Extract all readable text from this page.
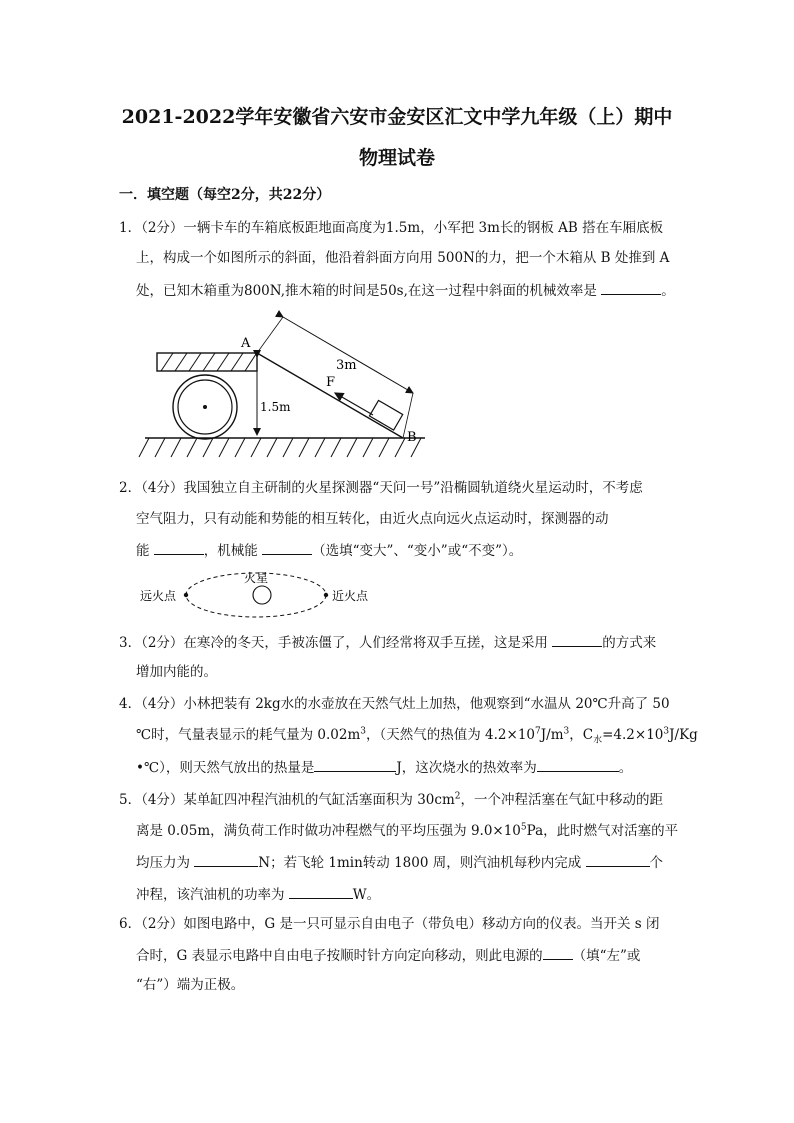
2021-2022学年安徽省六安市金安区汇文中学九年级（上）期中
物理试卷
一．填空题（每空2分，共22分）
1．（2分）一辆卡车的车箱底板距地面高度为1.5m，小军把 3m长的钢板 AB 搭在车厢底板
上，构成一个如图所示的斜面，他沿着斜面方向用 500N的力，把一个木箱从 B 处推到 A
处，已知木箱重为800N,推木箱的时间是50s,在这一过程中斜面的机械效率是	。
A
B
F
3m
1.5m
2．（4分）我国独立自主研制的火星探测器“天问一号”沿椭圆轨道绕火星运动时，不考虑
空气阻力，只有动能和势能的相互转化，由近火点向远火点运动时，探测器的动
能	，机械能	（选填“变大”、“变小”或“不变”）。
远火点
火星
近火点
3．（2分）在寒冷的冬天，手被冻僵了，人们经常将双手互搓，这是采用	的方式来
增加内能的。
4．（4分）小林把装有 2kg水的水壶放在天然气灶上加热，他观察到“水温从 20℃升高了 50
℃时，气量表显示的耗气量为 $0.02m^3$，（天然气的热值为 $4.2\times 10^7J/m^3$，$C_水=4.2\times 10^3J/Kg$
•℃），则天然气放出的热量是	J，这次烧水的热效率为	。
5．（4分）某单缸四冲程汽油机的气缸活塞面积为 $30cm^2$，一个冲程活塞在气缸中移动的距
离是 0.05m，满负荷工作时做功冲程燃气的平均压强为 $9.0\times 10^5Pa$，此时燃气对活塞的平
均压力为	N；若飞轮 1min转动 1800 周，则汽油机每秒内完成	个
冲程，该汽油机的功率为	W。
6．（2分）如图电路中，G 是一只可显示自由电子（带负电）移动方向的仪表。当开关 s 闭
合时，G 表显示电路中自由电子按顺时针方向定向移动，则此电源的 （填“左”或
“右”）端为正极。
